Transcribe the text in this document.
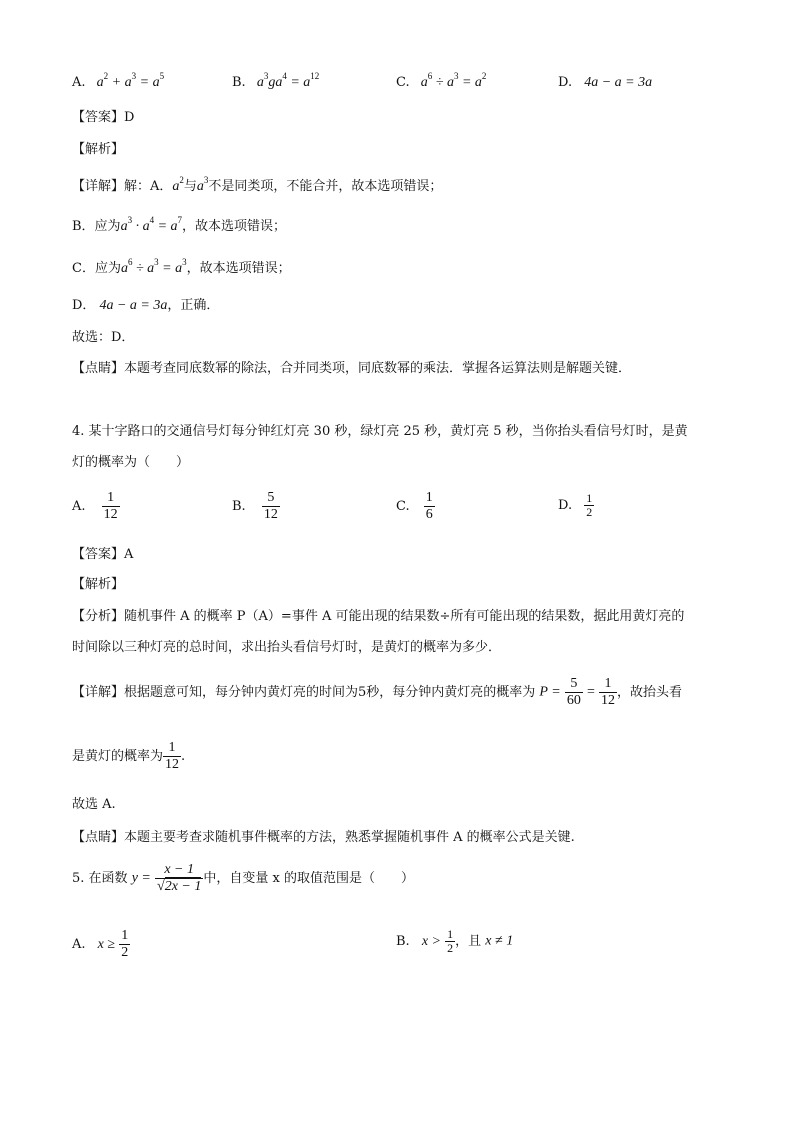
A.   $a^2 + a^3 = a^5$	B.   $a^3ga^4 = a^{12}$	C.   $a^6 \div a^3 = a^2$	D. 4a − a = 3a
【答案】D
【解析】
【详解】解：A．$a^2$与$a^3$不是同类项，不能合并，故本选项错误；
B．应为$a^3 \cdot a^4 = a^7$，故本选项错误；
C．应为$a^6 \div a^3 = a^3$，故本选项错误；
D． 4a − a = 3a，正确．
故选：D．
【点睛】本题考查同底数幂的除法，合并同类项，同底数幂的乘法．掌握各运算法则是解题关键．
4. 某十字路口的交通信号灯每分钟红灯亮 30 秒，绿灯亮 25 秒，黄灯亮 5 秒，当你抬头看信号灯时，是黄
灯的概率为（　　）
A. $\frac{1}{12}$	B. $\frac{5}{12}$	C. $\frac{1}{6}$	D. $\frac{1}{2}$
【答案】A
【解析】
【分析】随机事件 A 的概率 P（A）=事件 A 可能出现的结果数÷所有可能出现的结果数，据此用黄灯亮的
时间除以三种灯亮的总时间，求出抬头看信号灯时，是黄灯的概率为多少．
【详解】根据题意可知，每分钟内黄灯亮的时间为5秒，每分钟内黄灯亮的概率为 $P = \frac{5}{60} = \frac{1}{12}$ ，故抬头看
是黄灯的概率为 $\frac{1}{12}$ .
故选 A.
【点睛】本题主要考查求随机事件概率的方法，熟悉掌握随机事件 A 的概率公式是关键.
5. 在函数 $y = \frac{x - 1}{√2x - 1}$ 中，自变量 x 的取值范围是（　　）
A. $x \ge \frac{1}{2}$	B. $x > \frac{1}{2}$ ，且 x ≠ 1
